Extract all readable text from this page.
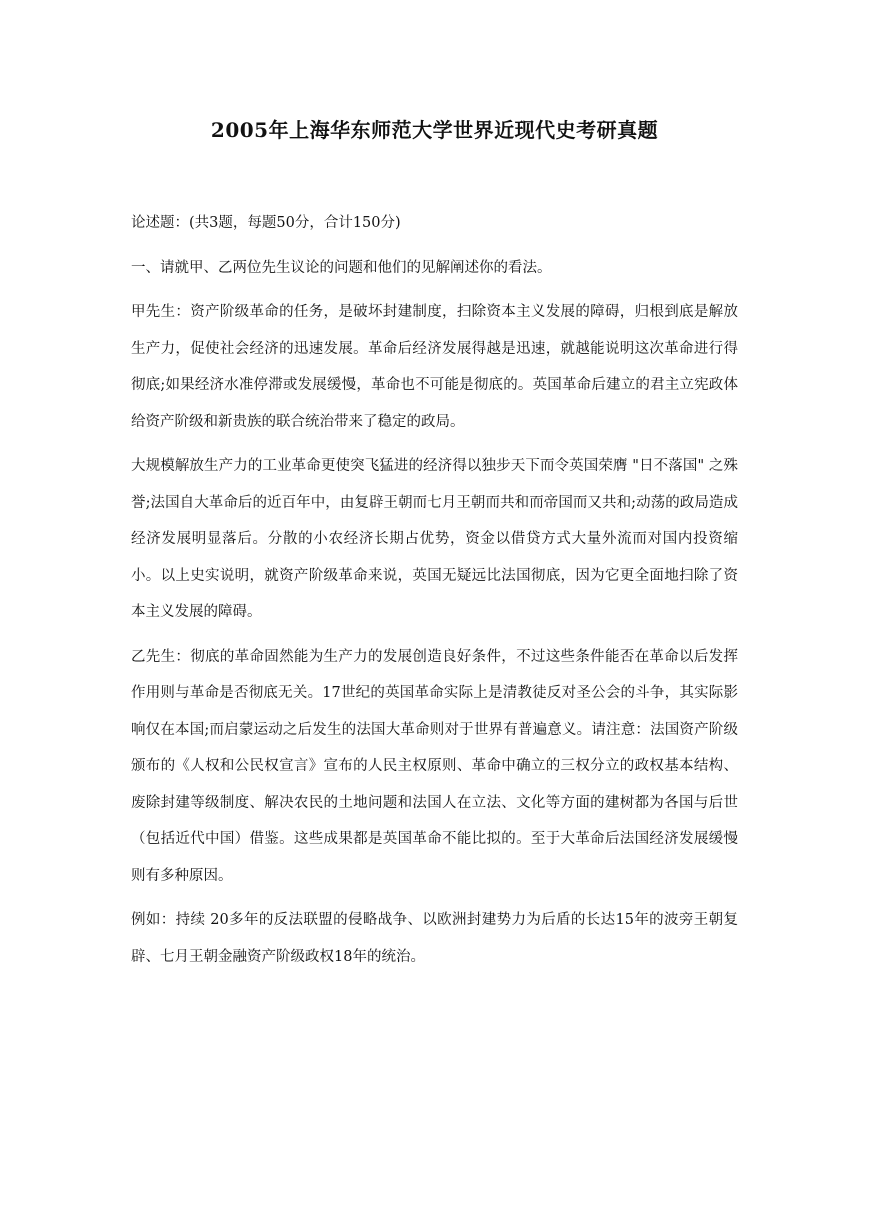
2005年上海华东师范大学世界近现代史考研真题

论述题：(共3题，每题50分，合计150分)

一、请就甲、乙两位先生议论的问题和他们的见解阐述你的看法。

甲先生：资产阶级革命的任务，是破坏封建制度，扫除资本主义发展的障碍，归根到底是解放生产力，促使社会经济的迅速发展。革命后经济发展得越是迅速，就越能说明这次革命进行得彻底;如果经济水准停滞或发展缓慢，革命也不可能是彻底的。英国革命后建立的君主立宪政体给资产阶级和新贵族的联合统治带来了稳定的政局。

大规模解放生产力的工业革命更使突飞猛进的经济得以独步天下而令英国荣膺 "日不落国" 之殊誉;法国自大革命后的近百年中，由复辟王朝而七月王朝而共和而帝国而又共和;动荡的政局造成经济发展明显落后。分散的小农经济长期占优势，资金以借贷方式大量外流而对国内投资缩小。以上史实说明，就资产阶级革命来说，英国无疑远比法国彻底，因为它更全面地扫除了资本主义发展的障碍。

乙先生：彻底的革命固然能为生产力的发展创造良好条件，不过这些条件能否在革命以后发挥作用则与革命是否彻底无关。17世纪的英国革命实际上是清教徒反对圣公会的斗争，其实际影响仅在本国;而启蒙运动之后发生的法国大革命则对于世界有普遍意义。请注意：法国资产阶级颁布的《人权和公民权宣言》宣布的人民主权原则、革命中确立的三权分立的政权基本结构、废除封建等级制度、解决农民的土地问题和法国人在立法、文化等方面的建树都为各国与后世（包括近代中国）借鉴。这些成果都是英国革命不能比拟的。至于大革命后法国经济发展缓慢则有多种原因。

例如：持续 20多年的反法联盟的侵略战争、以欧洲封建势力为后盾的长达15年的波旁王朝复辟、七月王朝金融资产阶级政权18年的统治。
